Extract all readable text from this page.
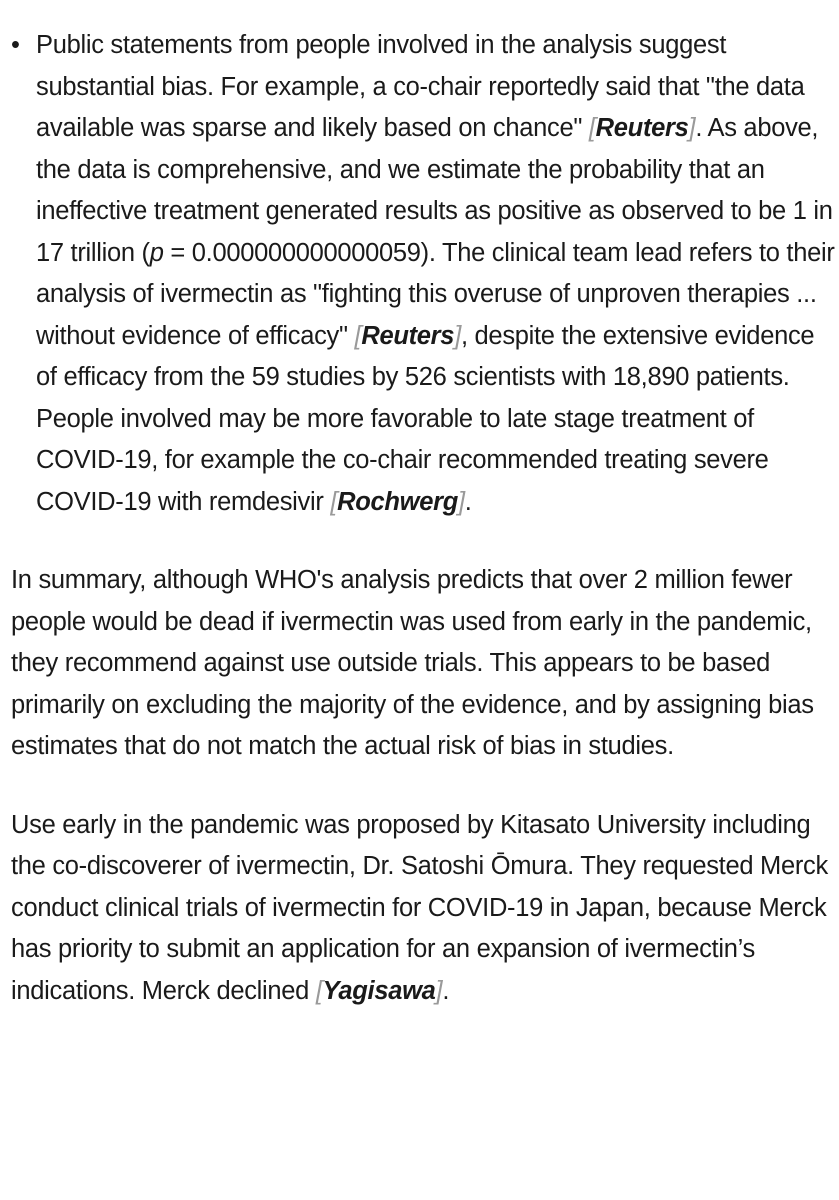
• Public statements from people involved in the analysis suggest substantial bias. For example, a co-chair reportedly said that "the data available was sparse and likely based on chance" [Reuters]. As above, the data is comprehensive, and we estimate the probability that an ineffective treatment generated results as positive as observed to be 1 in 17 trillion (p = 0.000000000000059). The clinical team lead refers to their analysis of ivermectin as "fighting this overuse of unproven therapies ... without evidence of efficacy" [Reuters], despite the extensive evidence of efficacy from the 59 studies by 526 scientists with 18,890 patients. People involved may be more favorable to late stage treatment of COVID-19, for example the co-chair recommended treating severe COVID-19 with remdesivir [Rochwerg].

In summary, although WHO's analysis predicts that over 2 million fewer people would be dead if ivermectin was used from early in the pandemic, they recommend against use outside trials. This appears to be based primarily on excluding the majority of the evidence, and by assigning bias estimates that do not match the actual risk of bias in studies.

Use early in the pandemic was proposed by Kitasato University including the co-discoverer of ivermectin, Dr. Satoshi Ōmura. They requested Merck conduct clinical trials of ivermectin for COVID-19 in Japan, because Merck has priority to submit an application for an expansion of ivermectin’s indications. Merck declined [Yagisawa].
